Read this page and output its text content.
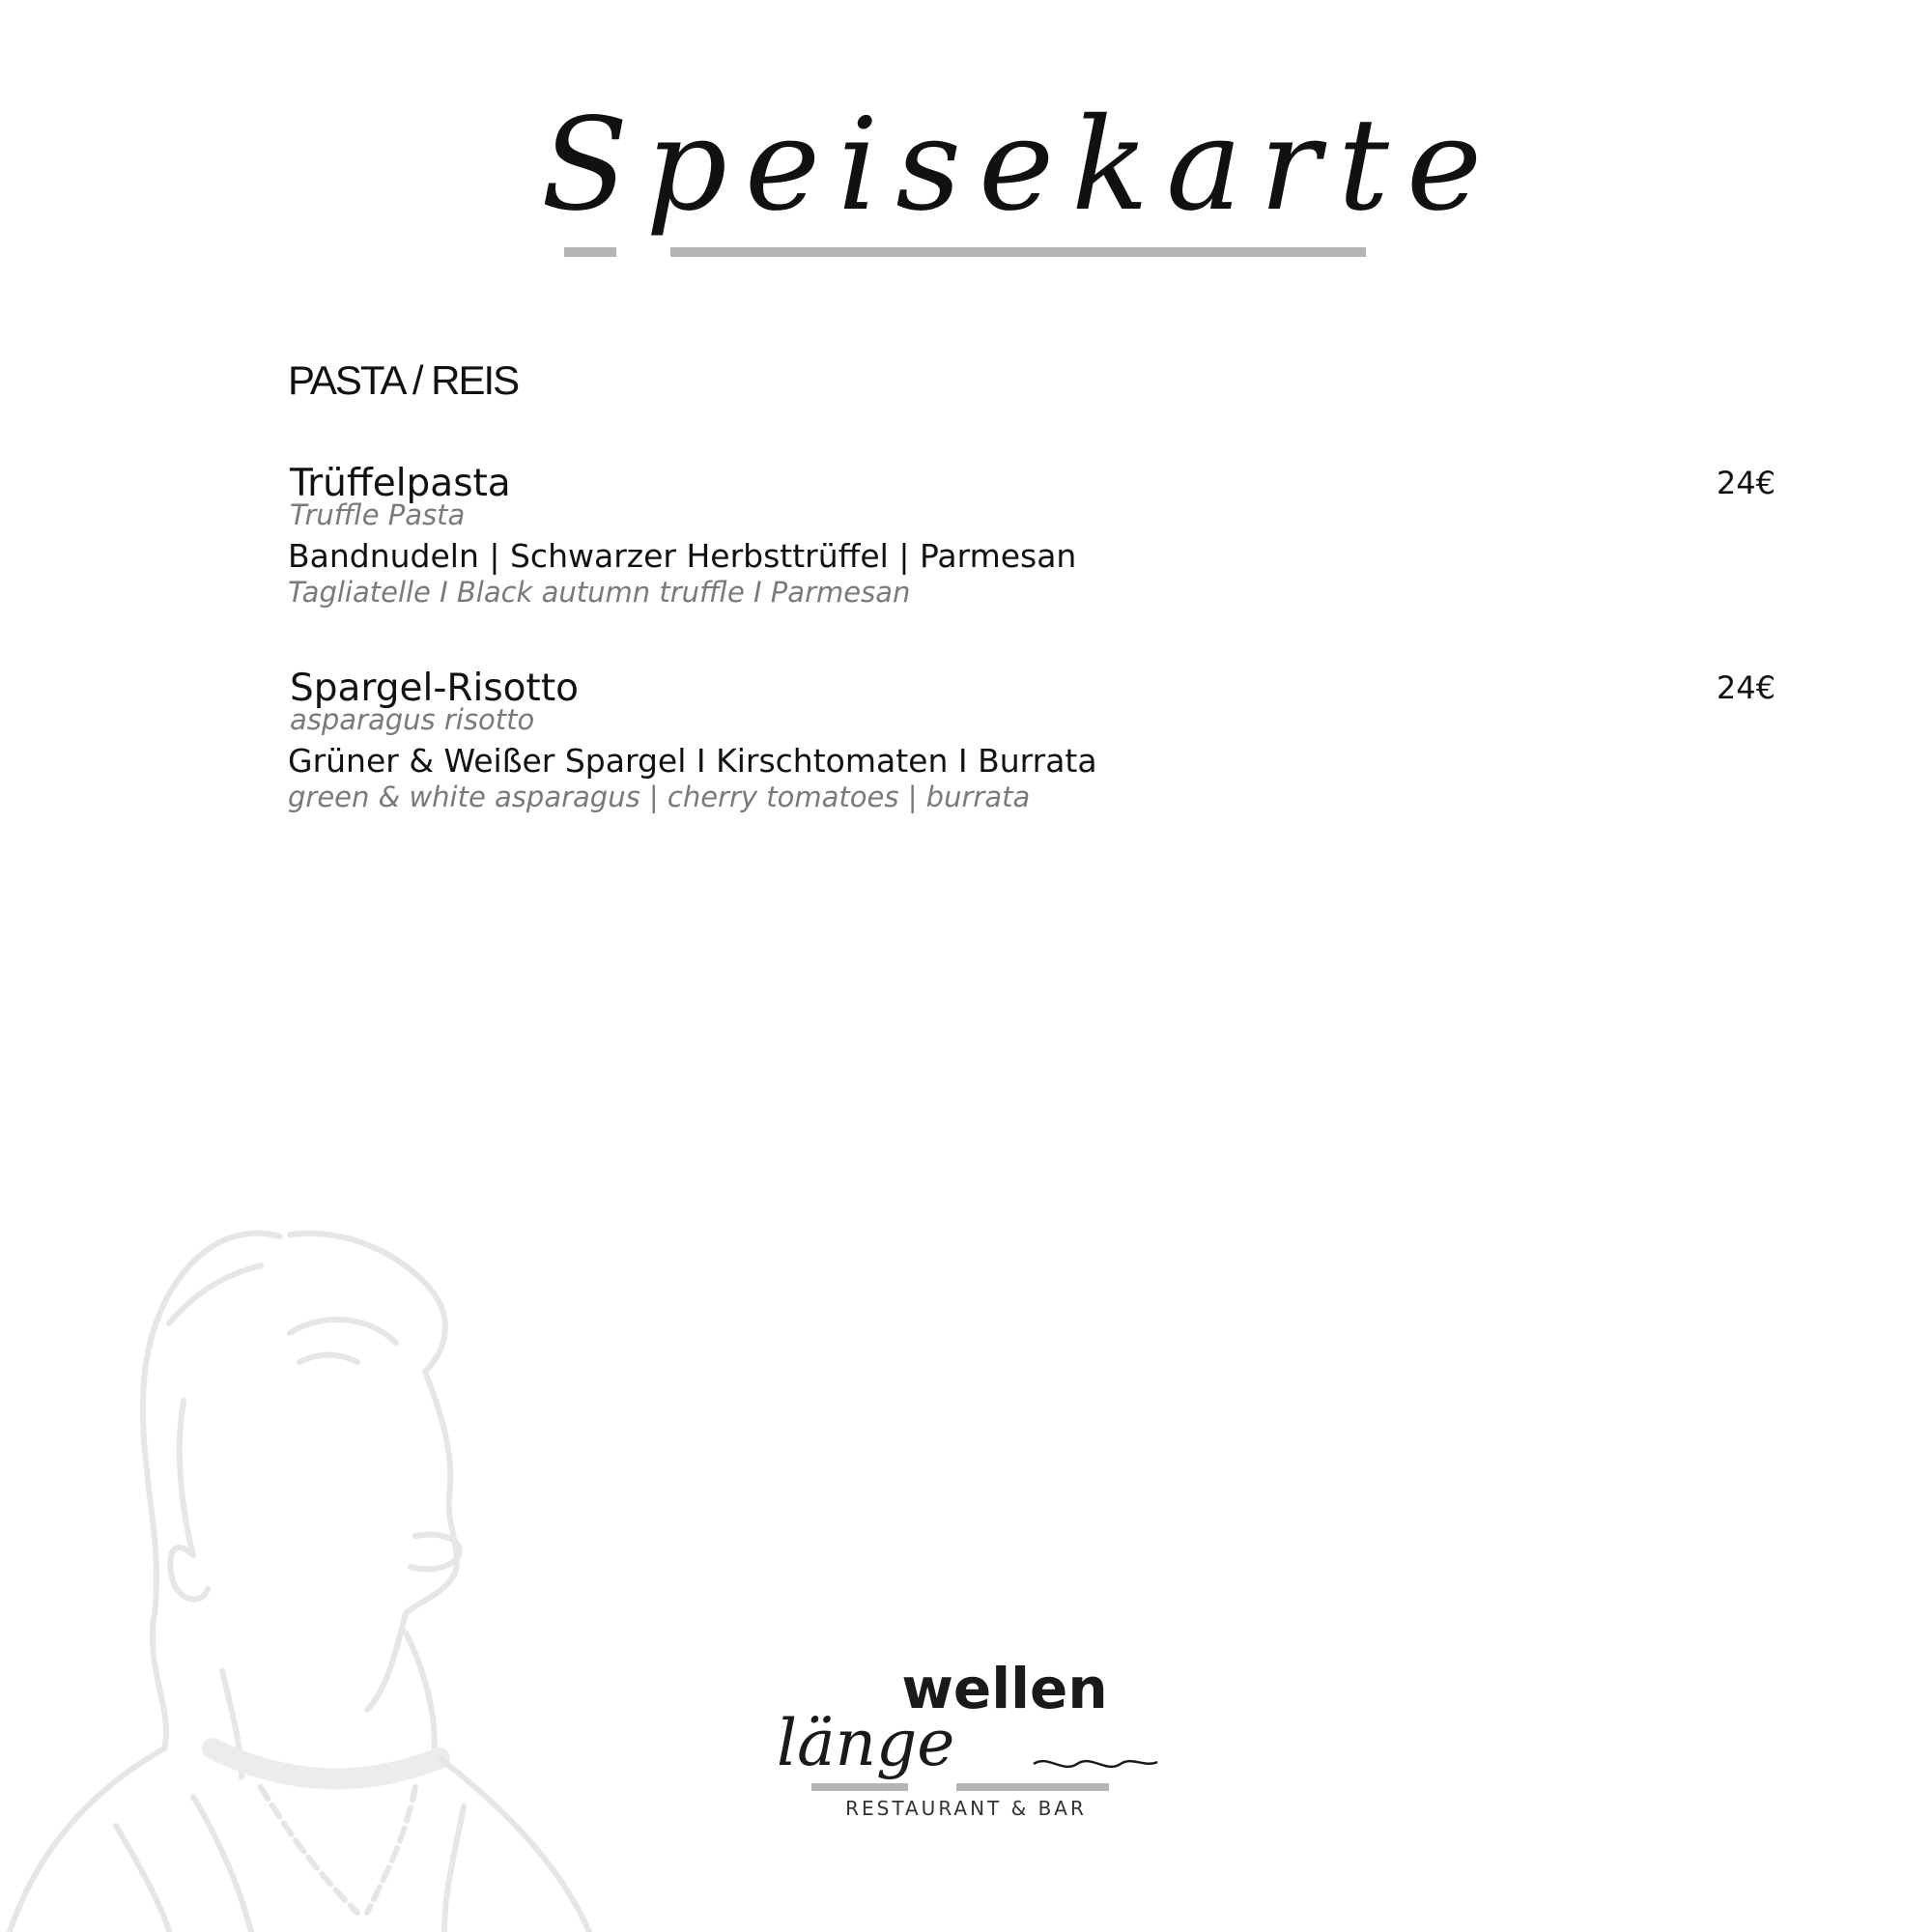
Speisekarte
PASTA / REIS
Trüffelpasta
Truffle Pasta
Bandnudeln | Schwarzer Herbsttrüffel | Parmesan
Tagliatelle I Black autumn truffle I Parmesan
24€
Spargel-Risotto
asparagus risotto
Grüner & Weißer Spargel I Kirschtomaten I Burrata
green & white asparagus | cherry tomatoes | burrata
24€
wellen
länge
RESTAURANT & BAR
